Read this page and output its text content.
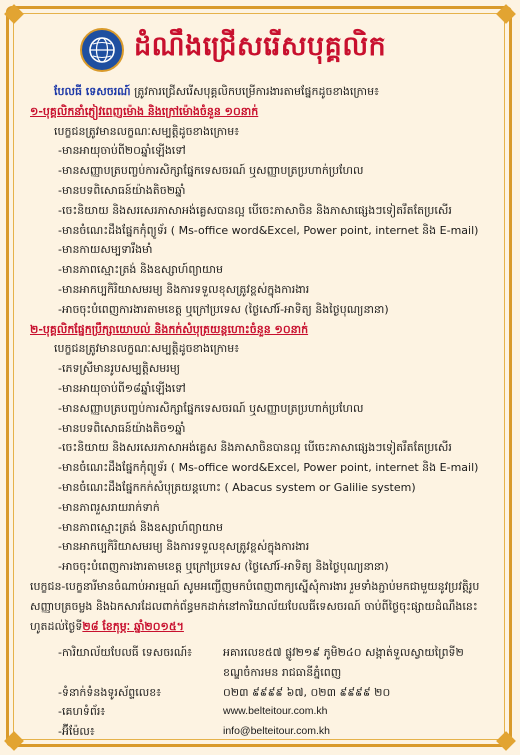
ដំណឹងជ្រើសរើសបុគ្គលិក
បែលធី ទេសចរណ៍ ត្រូវការជ្រើសរើសបុគ្គលិកបម្រើការងារតាមផ្នែកដូចខាងក្រោម៖
១-បុគ្គលិកនាំភ្ញៀវពេញម៉ោង និងក្រៅម៉ោងចំនួន ១០នាក់
បេក្ខជនត្រូវមានលក្ខណៈសម្បត្តិដូចខាងក្រោម៖
-មានអាយុចាប់ពី២០ឆ្នាំឡើងទៅ
-មានសញ្ញាបត្របញ្ចប់ការសិក្សាផ្នែកទេសចរណ៍ ឬសញ្ញាបត្រប្រហាក់ប្រហែល
-មានបទពិសោធន៍យ៉ាងតិច២ឆ្នាំ
-ចេះនិយាយ និងសរសេរភាសាអង់គ្លេសបានល្អ បើចេះភាសាចិន និងភាសាផ្សេងៗទៀតរឹតតែប្រសើរ
-មានចំណេះដឹងផ្នែកកុំព្យូទ័រ ( Ms-office word&Excel, Power point, internet និង E-mail)
-មានកាយសម្បទារឹងមាំ
-មានភាពស្មោះត្រង់ និងឧស្សាហ៍ព្យាយាម
-មានអាកប្បកិរិយាសមរម្យ និងការទទួលខុសត្រូវខ្ពស់ក្នុងការងារ
-អាចចុះបំពេញការងារតាមខេត្ត ឬក្រៅប្រទេស (ថ្ងៃសៅរ៍-អាទិត្យ និងថ្ងៃបុណ្យនានា)
២-បុគ្គលិកផ្នែកប្រឹក្សាយោបល់ និងកក់សំបុត្រយន្តហោះចំនួន ១០នាក់
បេក្ខជនត្រូវមានលក្ខណៈសម្បត្តិដូចខាងក្រោម៖
-ភេទស្រីមានរូបសម្បត្តិសមរម្យ
-មានអាយុចាប់ពី១៨ឆ្នាំឡើងទៅ
-មានសញ្ញាបត្របញ្ចប់ការសិក្សាផ្នែកទេសចរណ៍ ឬសញ្ញាបត្រប្រហាក់ប្រហែល
-មានបទពិសោធន៍យ៉ាងតិច១ឆ្នាំ
-ចេះនិយាយ និងសរសេរភាសាអង់គ្លេស និងភាសាចិនបានល្អ បើចេះភាសាផ្សេងៗទៀតរឹតតែប្រសើរ
-មានចំណេះដឹងផ្នែកកុំព្យូទ័រ ( Ms-office word&Excel, Power point, internet និង E-mail)
-មានចំណេះដឹងផ្នែកកក់សំបុត្រយន្តហោះ ( Abacus system or Galilie system)
-មានភាពរួសរាយរាក់ទាក់
-មានភាពស្មោះត្រង់ និងឧស្សាហ៍ព្យាយាម
-មានអាកប្បកិរិយាសមរម្យ និងការទទួលខុសត្រូវខ្ពស់ក្នុងការងារ
-អាចចុះបំពេញការងារតាមខេត្ត ឬក្រៅប្រទេស (ថ្ងៃសៅរ៍-អាទិត្យ និងថ្ងៃបុណ្យនានា)
បេក្ខជន-បេក្ខនារីមានចំណាប់អារម្មណ៍ សូមអញ្ជើញមកបំពេញពាក្យស្នើសុំការងារ រួមទាំងភ្ជាប់មកជាមួយនូវប្រវត្តិរូប សញ្ញាបត្រចម្លង និងឯកសារដែលពាក់ព័ន្ធមកដាក់នៅការិយាល័យបែលធីទេសចរណ៍ ចាប់ពីថ្ងៃចុះផ្សាយដំណឹងនេះ ហូតដល់ថ្ងៃទី២៨ ខែកុម្ភៈ ឆ្នាំ២០១៥។
-ការិយាល័យបែលធី ទេសចរណ៍៖	អគារលេខ៥៧ ផ្លូវ២១៩ ភូមិ២៤០ សង្កាត់ទួលស្វាយព្រៃទី២
ខណ្ឌចំការមន រាជធានីភ្នំពេញ
-ទំនាក់ទំនងទូរស័ព្ទលេខ៖	០២៣ ៩៩៩៩ ៦៧, ០២៣ ៩៩៩៩ ២០
-គេហទំព័រ៖	www.belteitour.com.kh
-អ៊ីម៉ែល៖	info@belteitour.com.kh
